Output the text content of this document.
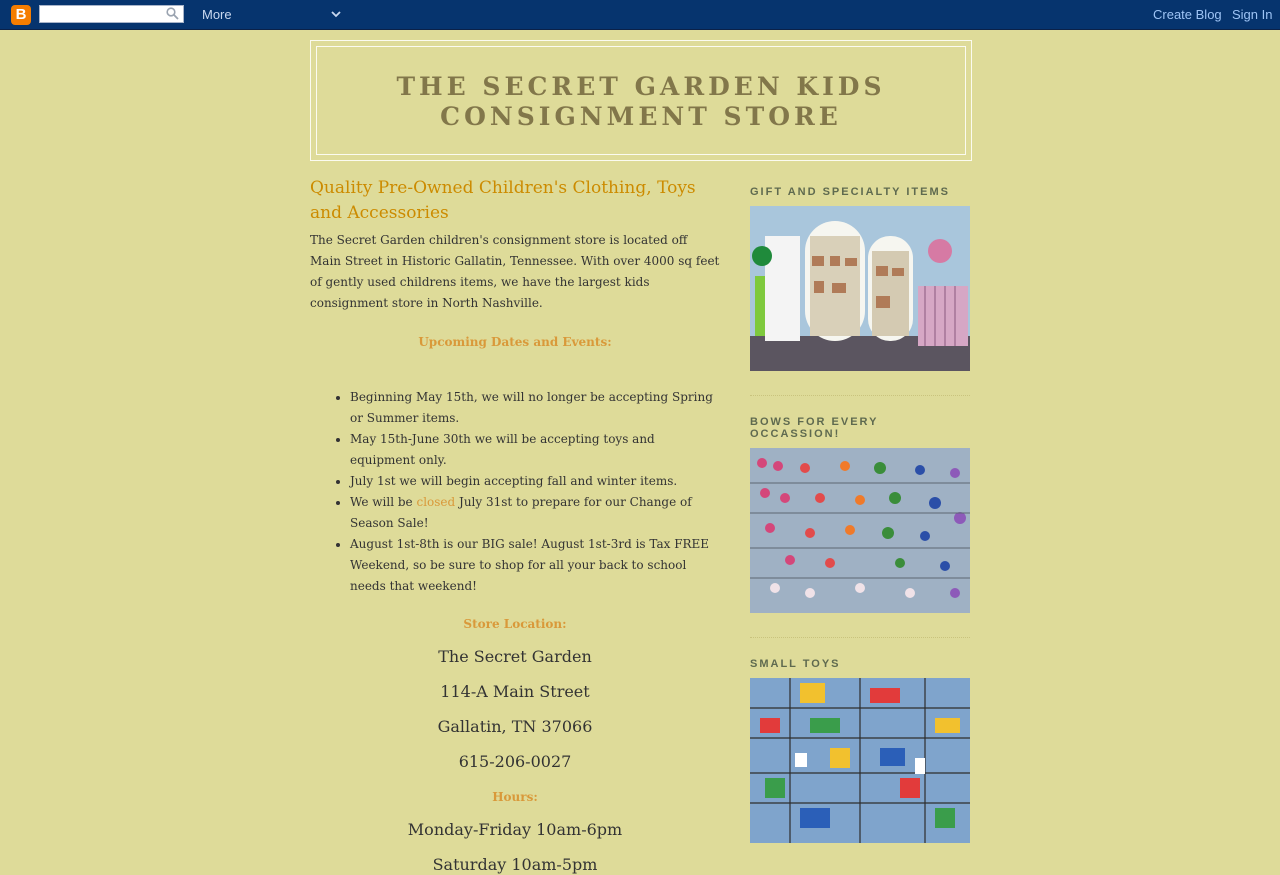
B	More	Create Blog Sign In
THE SECRET GARDEN KIDS CONSIGNMENT STORE
Quality Pre-Owned Children's Clothing, Toys and Accessories

The Secret Garden children's consignment store is located off Main Street in Historic Gallatin, Tennessee. With over 4000 sq feet of gently used childrens items, we have the largest kids consignment store in North Nashville.

Upcoming Dates and Events:

• Beginning May 15th, we will no longer be accepting Spring or Summer items.
• May 15th-June 30th we will be accepting toys and equipment only.
• July 1st we will begin accepting fall and winter items.
• We will be closed July 31st to prepare for our Change of Season Sale!
• August 1st-8th is our BIG sale! August 1st-3rd is Tax FREE Weekend, so be sure to shop for all your back to school needs that weekend!

Store Location:

The Secret Garden

114-A Main Street

Gallatin, TN 37066

615-206-0027

Hours:

Monday-Friday 10am-6pm

Saturday 10am-5pm

GIFT AND SPECIALTY ITEMS
BOWS FOR EVERY OCCASSION!
SMALL TOYS
